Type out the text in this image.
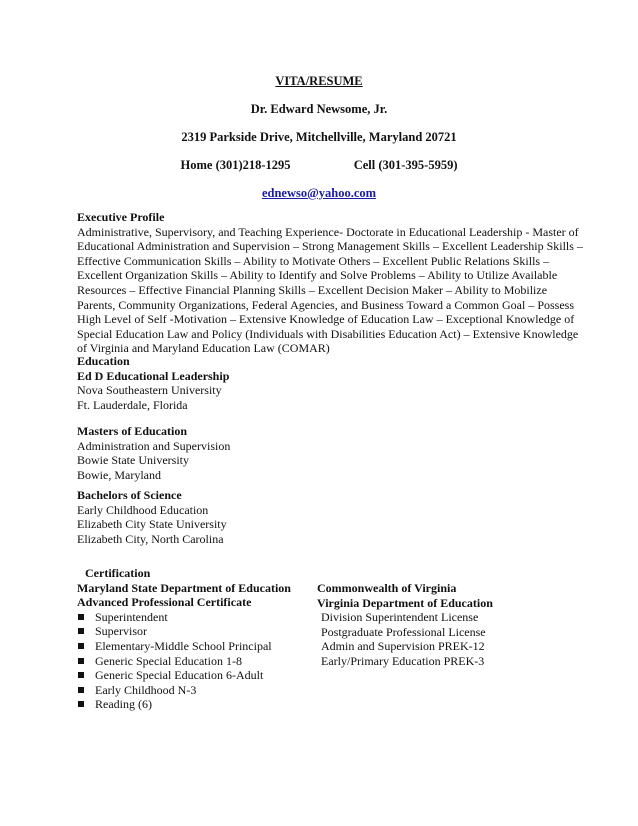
VITA/RESUME
Dr. Edward Newsome, Jr.
2319 Parkside Drive, Mitchellville, Maryland 20721
Home (301)218-1295	Cell (301-395-5959)
ednewso@yahoo.com
Executive Profile
Administrative, Supervisory, and Teaching Experience- Doctorate in Educational Leadership - Master of
Educational Administration and Supervision – Strong Management Skills – Excellent Leadership Skills –
Effective Communication Skills – Ability to Motivate Others – Excellent Public Relations Skills –
Excellent Organization Skills – Ability to Identify and Solve Problems – Ability to Utilize Available
Resources – Effective Financial Planning Skills – Excellent Decision Maker – Ability to Mobilize
Parents, Community Organizations, Federal Agencies, and Business Toward a Common Goal – Possess
High Level of Self -Motivation – Extensive Knowledge of Education Law – Exceptional Knowledge of
Special Education Law and Policy (Individuals with Disabilities Education Act) – Extensive Knowledge
of Virginia and Maryland Education Law (COMAR)
Education
Ed D Educational Leadership
Nova Southeastern University
Ft. Lauderdale, Florida
Masters of Education
Administration and Supervision
Bowie State University
Bowie, Maryland
Bachelors of Science
Early Childhood Education
Elizabeth City State University
Elizabeth City, North Carolina
Certification
Maryland State Department of Education
Advanced Professional Certificate
Superintendent
Supervisor
Elementary-Middle School Principal
Generic Special Education 1-8
Generic Special Education 6-Adult
Early Childhood N-3
Reading (6)
Commonwealth of Virginia
Virginia Department of Education
Division Superintendent License
Postgraduate Professional License
Admin and Supervision PREK-12
Early/Primary Education PREK-3
